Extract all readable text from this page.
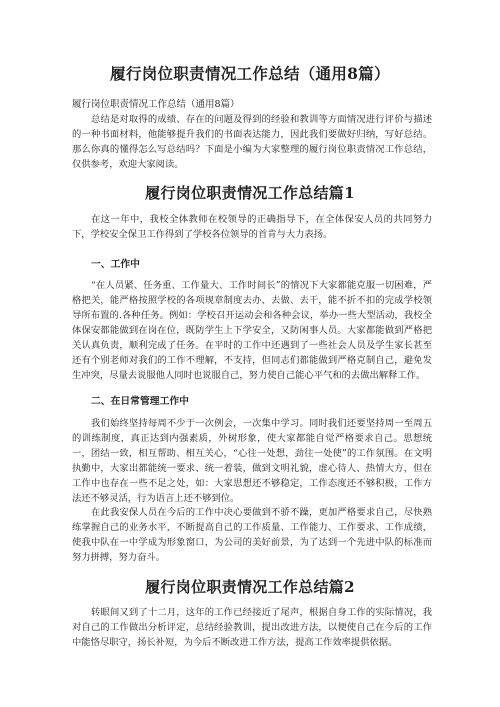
履行岗位职责情况工作总结（通用8篇）
履行岗位职责情况工作总结（通用8篇）

总结是对取得的成绩、存在的问题及得到的经验和教训等方面情况进行评价与描述的一种书面材料，他能够提升我们的书面表达能力，因此我们要做好归纳，写好总结。那么你真的懂得怎么写总结吗？下面是小编为大家整理的履行岗位职责情况工作总结，仅供参考，欢迎大家阅读。

履行岗位职责情况工作总结篇1

在这一年中，我校全体教师在校领导的正确指导下，在全体保安人员的共同努力下，学校安全保卫工作得到了学校各位领导的首肯与大力表扬。

一、工作中

“在人员紧、任务重、工作量大、工作时间长”的情况下大家都能克服一切困难，严格把关，能严格按照学校的各项规章制度去办、去做、去干，能不折不扣的完成学校领导所布置的.各种任务。例如：学校召开运动会和各种会议，举办一些大型活动，我校全体保安都能做到在岗在位，既防学生上下学安全，又防闲事人员。大家都能做到严格把关认真负责，顺利完成了任务。在平时的工作中还遇到了一些社会人员及学生家长甚至还有个别老师对我们的工作不理解，不支持，但同志们都能做到严格克制自己，避免发生冲突，尽量去说服他人同时也说服自己，努力使自己能心平气和的去做出解释工作。

二、在日常管理工作中

我们始终坚持每周不少于一次例会，一次集中学习。同时我们还要坚持周一至周五的训练制度，真正达到内强素质，外树形象，使大家都能自觉严格要求自己。思想统一，团结一致，相互帮助、相互关心，“心往一处想，劲往一处使”的工作氛围。在文明执勤中，大家出都能统一要求、统一着装，做到文明礼貌，虚心待人、热情大方，但在工作中也存在一些不足之处，如：大家思想还不够稳定，工作态度还不够积极，工作方法还不够灵活，行为语言上还不够到位。

在此我安保人员在今后的工作中决心要做到不骄不躁，更加严格要求自己，尽快熟练掌握自己的业务水平，不断提高自己的工作质量、工作能力、工作要求、工作成绩，使我中队在一中学成为形象窗口，为公司的美好前景，为了达到一个先进中队的标准而努力拼搏，努力奋斗。

履行岗位职责情况工作总结篇2

转眼间又到了十二月，这年的工作已经接近了尾声，根据自身工作的实际情况，我对自己的工作做出分析评定，总结经验教训，提出改进方法，以便使自己在今后的工作中能恪尽职守，扬长补短，为今后不断改进工作方法，提高工作效率提供依据。
